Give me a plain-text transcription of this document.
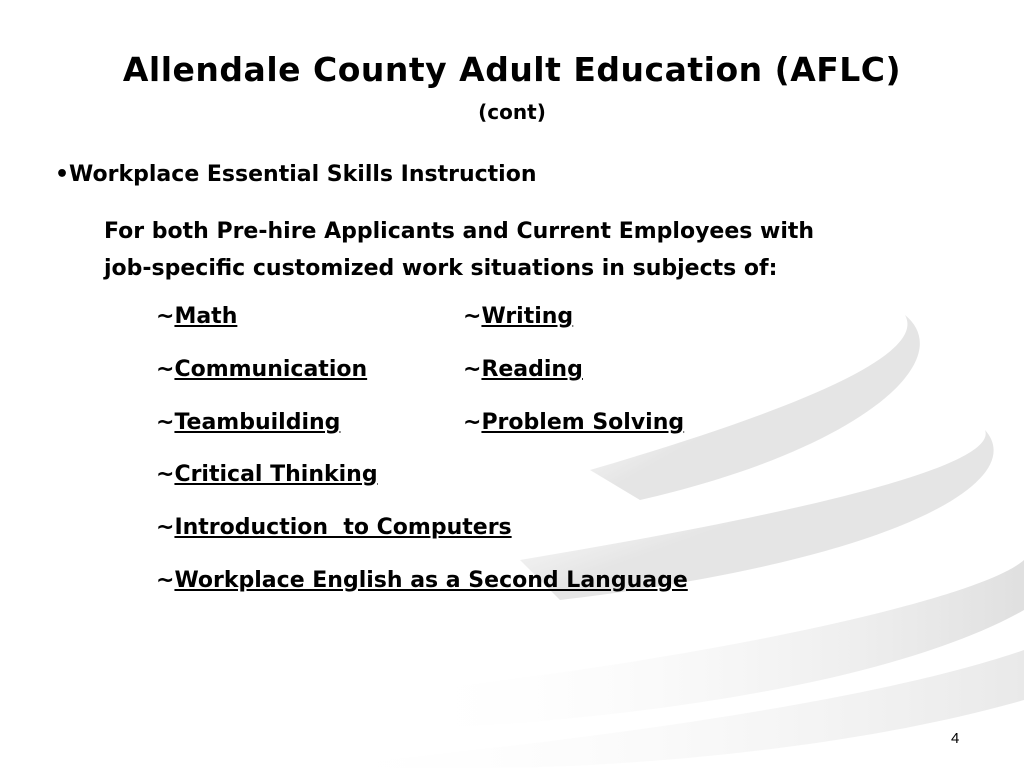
Allendale County Adult Education (AFLC)
(cont)
•Workplace Essential Skills Instruction
For both Pre-hire Applicants and Current Employees with
job-specific customized work situations in subjects of:
~Math	~Writing
~Communication	~Reading
~Teambuilding	~Problem Solving
~Critical Thinking
~Introduction  to Computers
~Workplace English as a Second Language
4
